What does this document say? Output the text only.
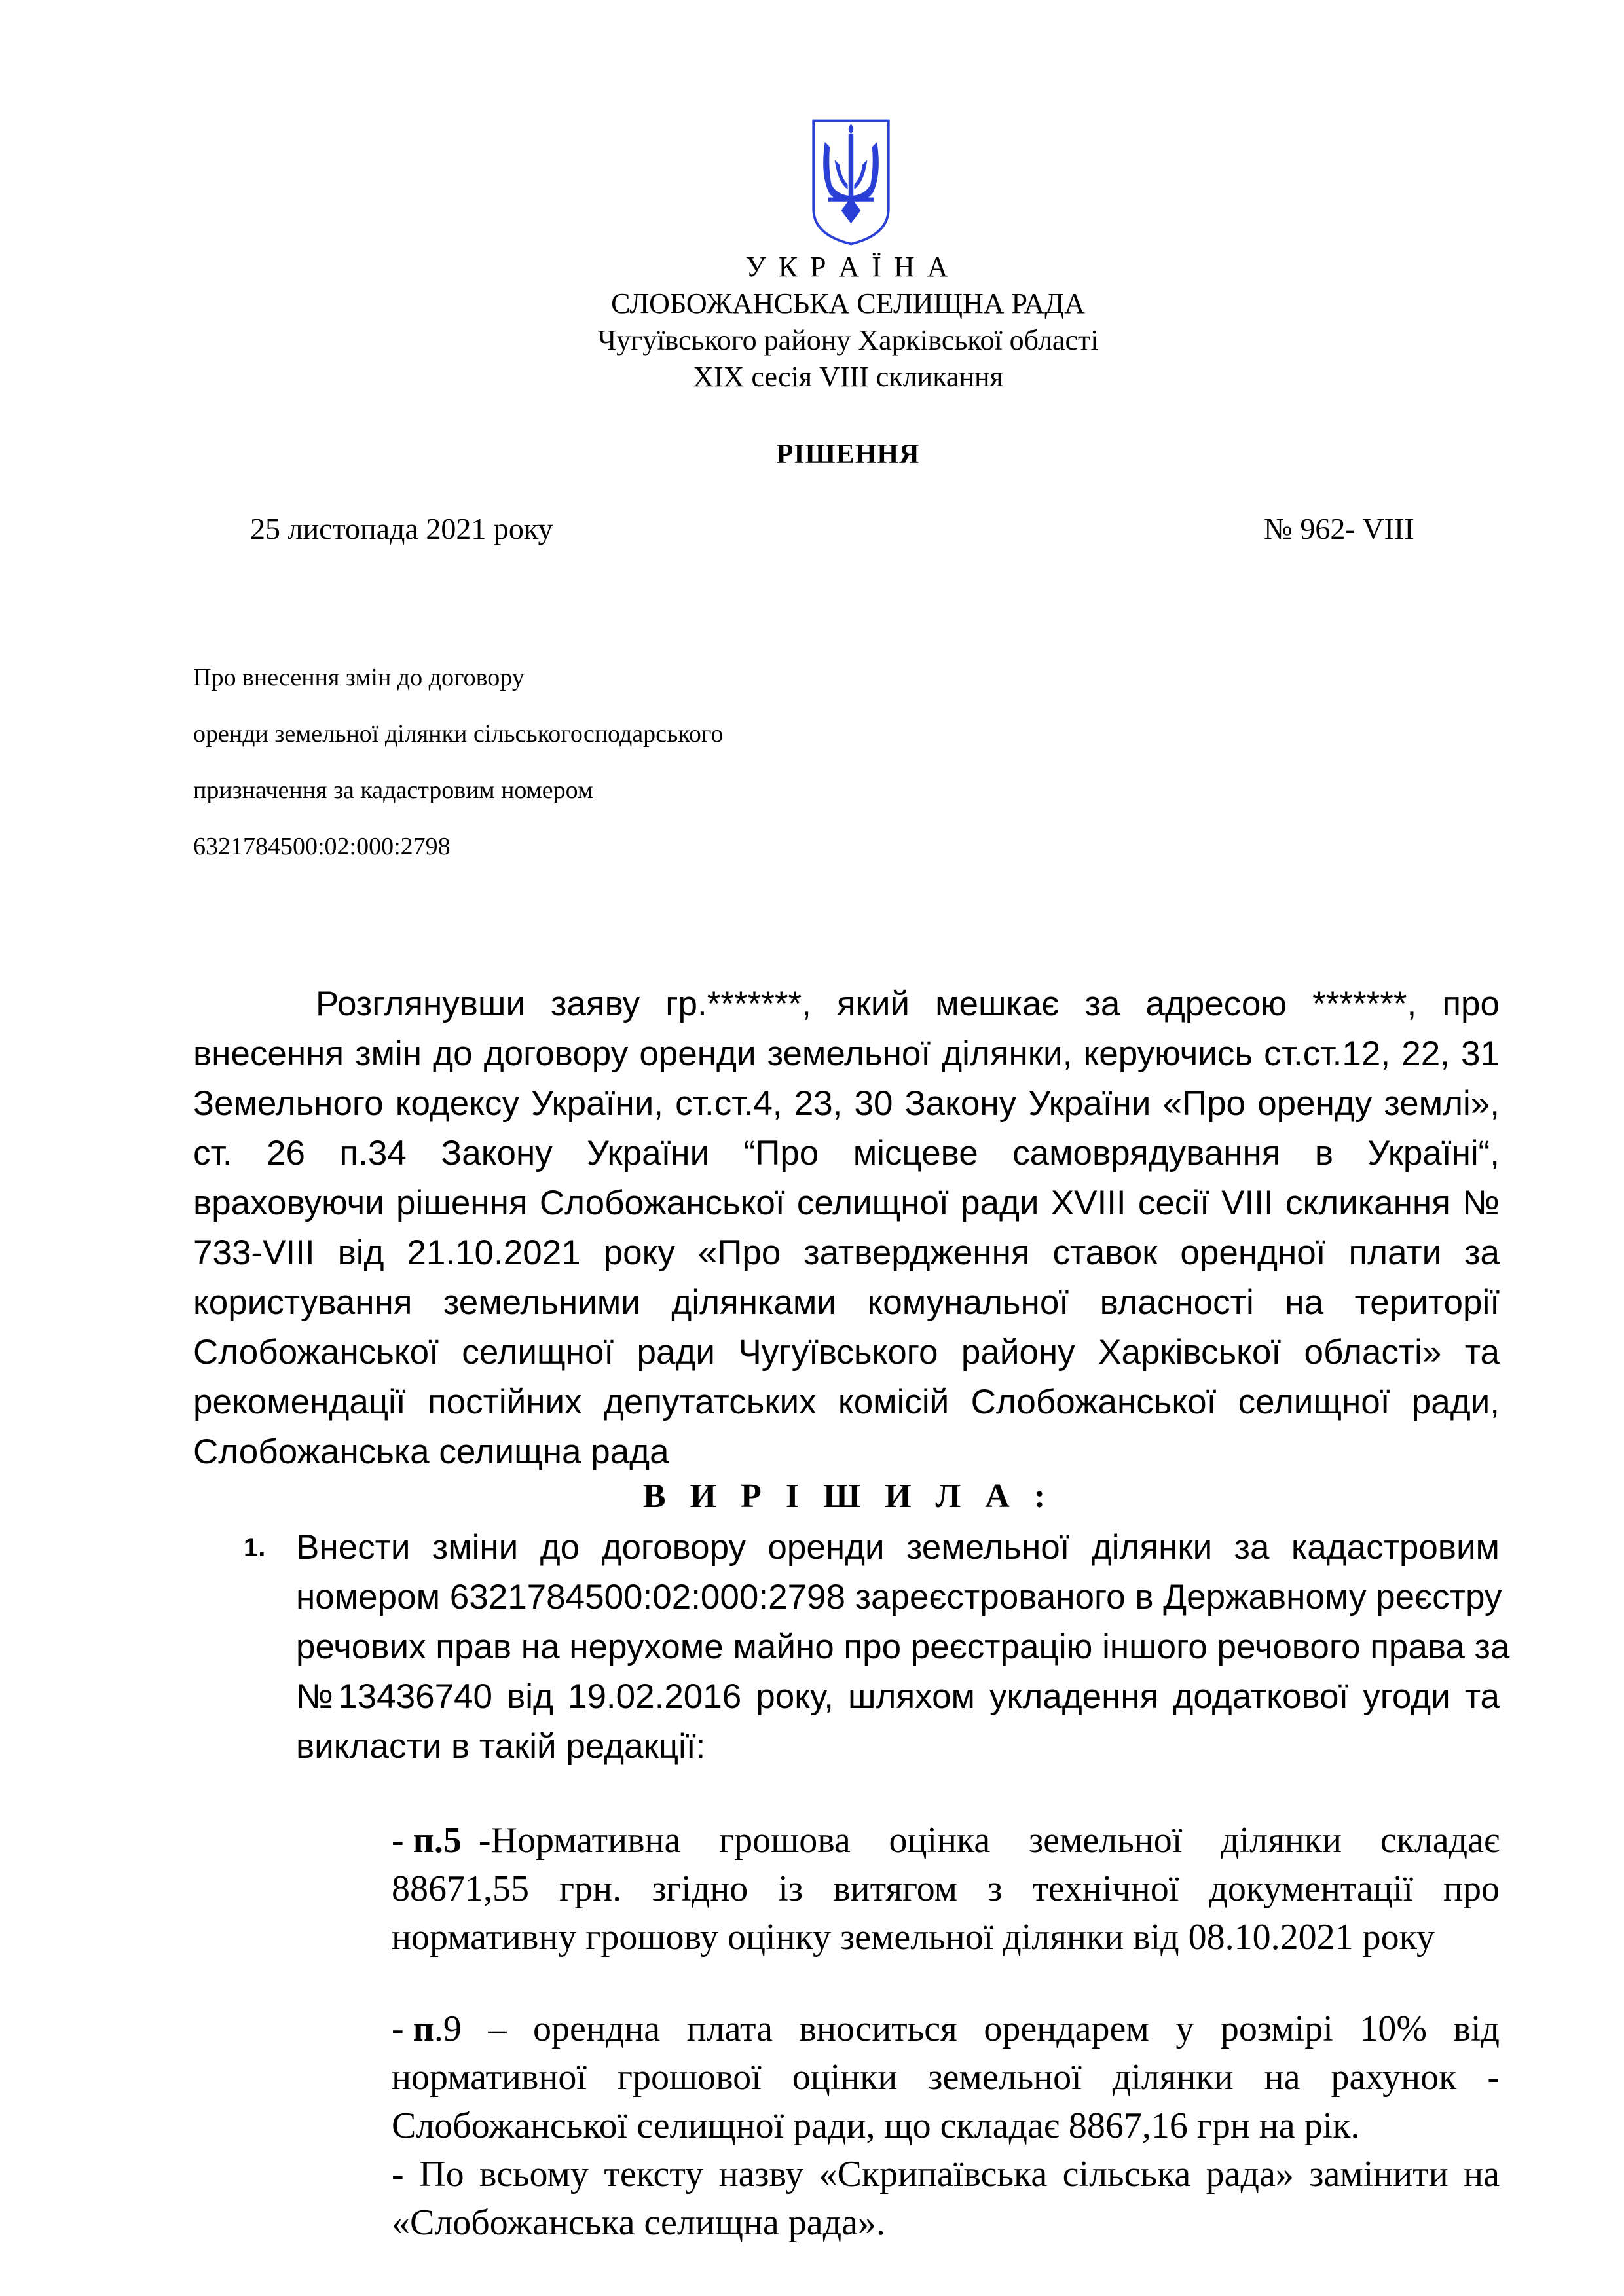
У К Р А Ї Н А
СЛОБОЖАНСЬКА СЕЛИЩНА РАДА
Чугуївського району Харківської області
XIX сесія VIII скликання
РІШЕННЯ
25 листопада 2021 року	№ 962- VIII
Про внесення змін до договору
оренди земельної ділянки сільськогосподарського
призначення за кадастровим номером
6321784500:02:000:2798
Розглянувши заяву гр.*******, який мешкає за адресою *******, про
внесення змін до договору оренди земельної ділянки, керуючись ст.ст.12, 22, 31
Земельного кодексу України, ст.ст.4, 23, 30 Закону України «Про оренду землі»,
ст. 26 п.34 Закону України “Про місцеве самоврядування в Україні“,
враховуючи рішення Слобожанської селищної ради XVIII сесії VIII скликання №
733-VIII від 21.10.2021 року «Про затвердження ставок орендної плати за
користування земельними ділянками комунальної власності на території
Слобожанської селищної ради Чугуївського району Харківської області» та
рекомендації постійних депутатських комісій Слобожанської селищної ради,
Слобожанська селищна рада
В И Р І Ш И Л А :
1. Внести зміни до договору оренди земельної ділянки за кадастровим
номером 6321784500:02:000:2798 зареєстрованого в Державному реєстру
речових прав на нерухоме майно про реєстрацію іншого речового права за
№13436740 від 19.02.2016 року, шляхом укладення додаткової угоди та
викласти в такій редакції:
- п.5 -Нормативна грошова оцінка земельної ділянки складає
88671,55 грн. згідно із витягом з технічної документації про
нормативну грошову оцінку земельної ділянки від 08.10.2021 року
- п .9 – орендна плата вноситься орендарем у розмірі 10% від
нормативної грошової оцінки земельної ділянки на рахунок -
Слобожанської селищної ради, що складає 8867,16 грн на рік.
- По всьому тексту назву «Скрипаївська сільська рада» замінити на
«Слобожанська селищна рада».
